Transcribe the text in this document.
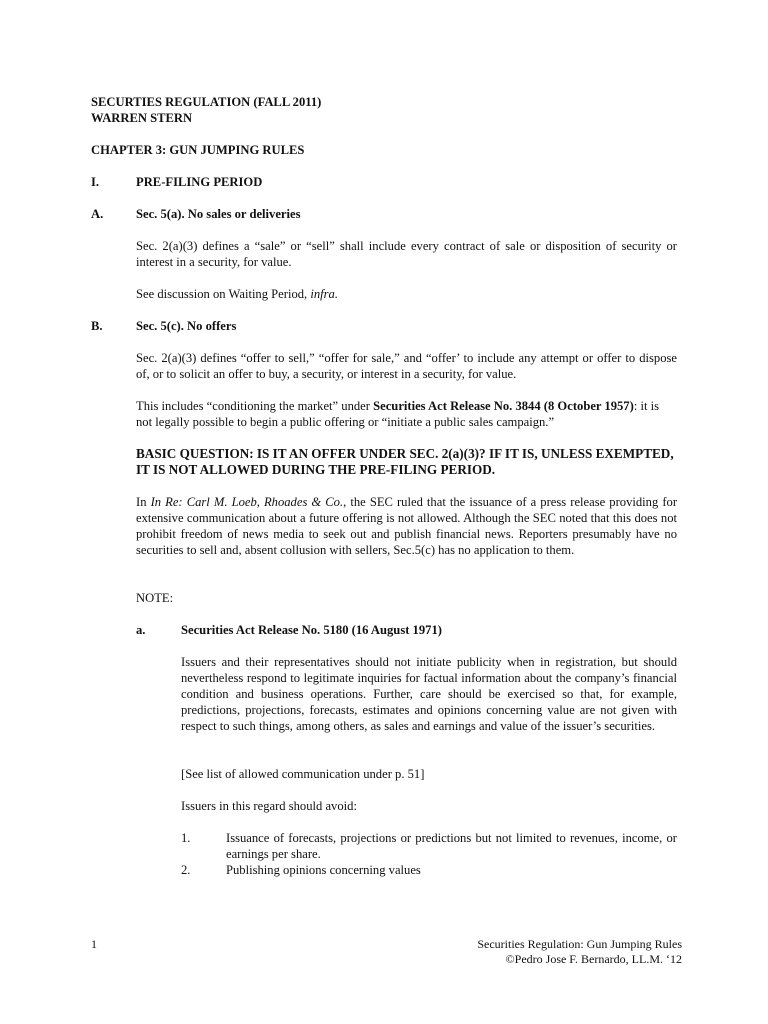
SECURTIES REGULATION (FALL 2011)
WARREN STERN
CHAPTER 3: GUN JUMPING RULES
I.	PRE-FILING PERIOD
A.	Sec. 5(a). No sales or deliveries

Sec. 2(a)(3) defines a “sale” or “sell” shall include every contract of sale or disposition of security or interest in a security, for value.

See discussion on Waiting Period, infra.

B.	Sec. 5(c). No offers

Sec. 2(a)(3) defines “offer to sell,” “offer for sale,” and “offer’ to include any attempt or offer to dispose of, or to solicit an offer to buy, a security, or interest in a security, for value.

This includes “conditioning the market” under Securities Act Release No. 3844 (8 October 1957): it is not legally possible to begin a public offering or “initiate a public sales campaign.”

BASIC QUESTION: IS IT AN OFFER UNDER SEC. 2(a)(3)? IF IT IS, UNLESS EXEMPTED, IT IS NOT ALLOWED DURING THE PRE-FILING PERIOD.

In In Re: Carl M. Loeb, Rhoades & Co., the SEC ruled that the issuance of a press release providing for extensive communication about a future offering is not allowed. Although the SEC noted that this does not prohibit freedom of news media to seek out and publish financial news. Reporters presumably have no securities to sell and, absent collusion with sellers, Sec.5(c) has no application to them.

NOTE:
a.	Securities Act Release No. 5180 (16 August 1971)

Issuers and their representatives should not initiate publicity when in registration, but should nevertheless respond to legitimate inquiries for factual information about the company’s financial condition and business operations. Further, care should be exercised so that, for example, predictions, projections, forecasts, estimates and opinions concerning value are not given with respect to such things, among others, as sales and earnings and value of the issuer’s securities.

[See list of allowed communication under p. 51]
Issuers in this regard should avoid:
1.	Issuance of forecasts, projections or predictions but not limited to revenues, income, or earnings per share.

2.	Publishing opinions concerning values

1	Securities Regulation: Gun Jumping Rules
©Pedro Jose F. Bernardo, LL.M. ‘12
